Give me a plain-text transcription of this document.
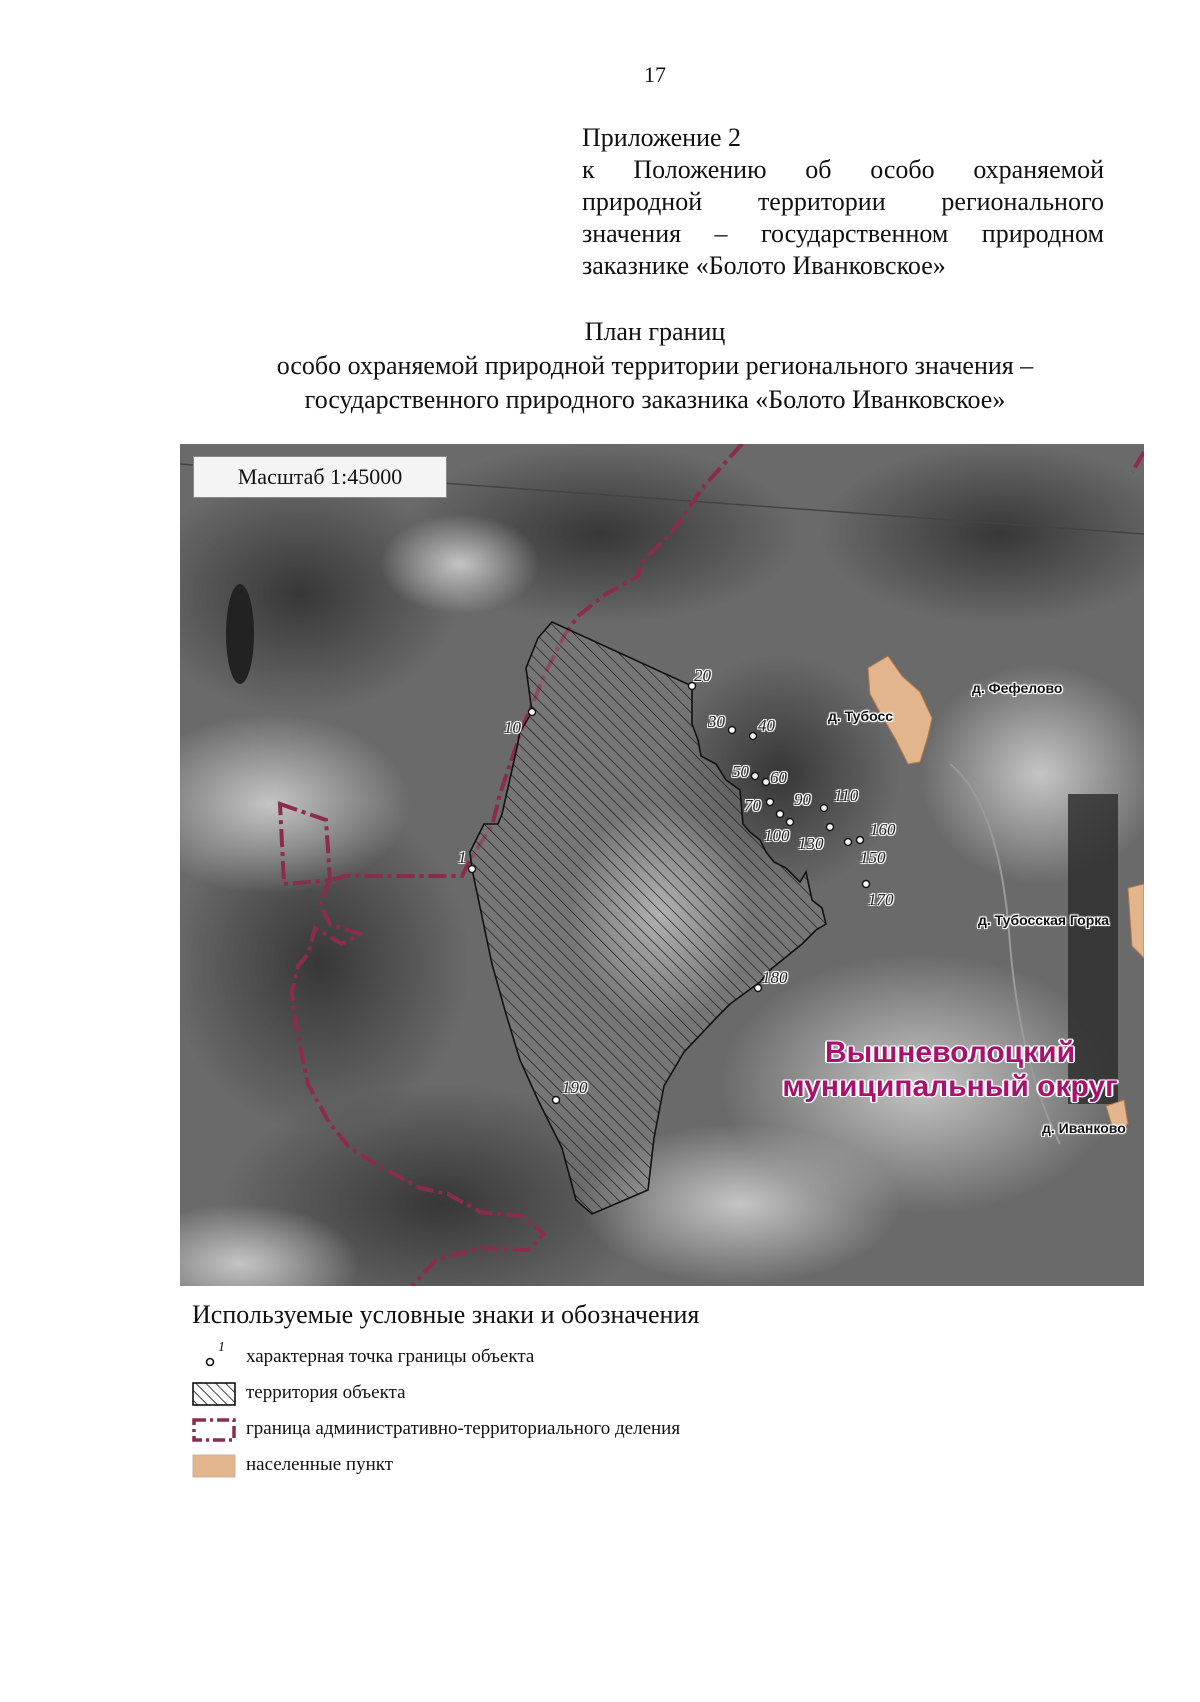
17
Приложение 2
к Положению об особо охраняемой
природной территории регионального
значения – государственном природном
заказнике «Болото Иванковское»
План границ
особо охраняемой природной территории регионального значения –
государственного природного заказника «Болото Иванковское»
Масштаб 1:45000
1
10
20
30 40
50 60
70 90
100
110
130
150
160
170
180
190
д. Фефелово
д. Тубосс
д. Тубосская Горка
д. Иванково
Вышневолоцкий
муниципальный округ
Используемые условные знаки и обозначения
1 характерная точка границы объекта
территория объекта
граница административно-территориального деления
населенные пункт
